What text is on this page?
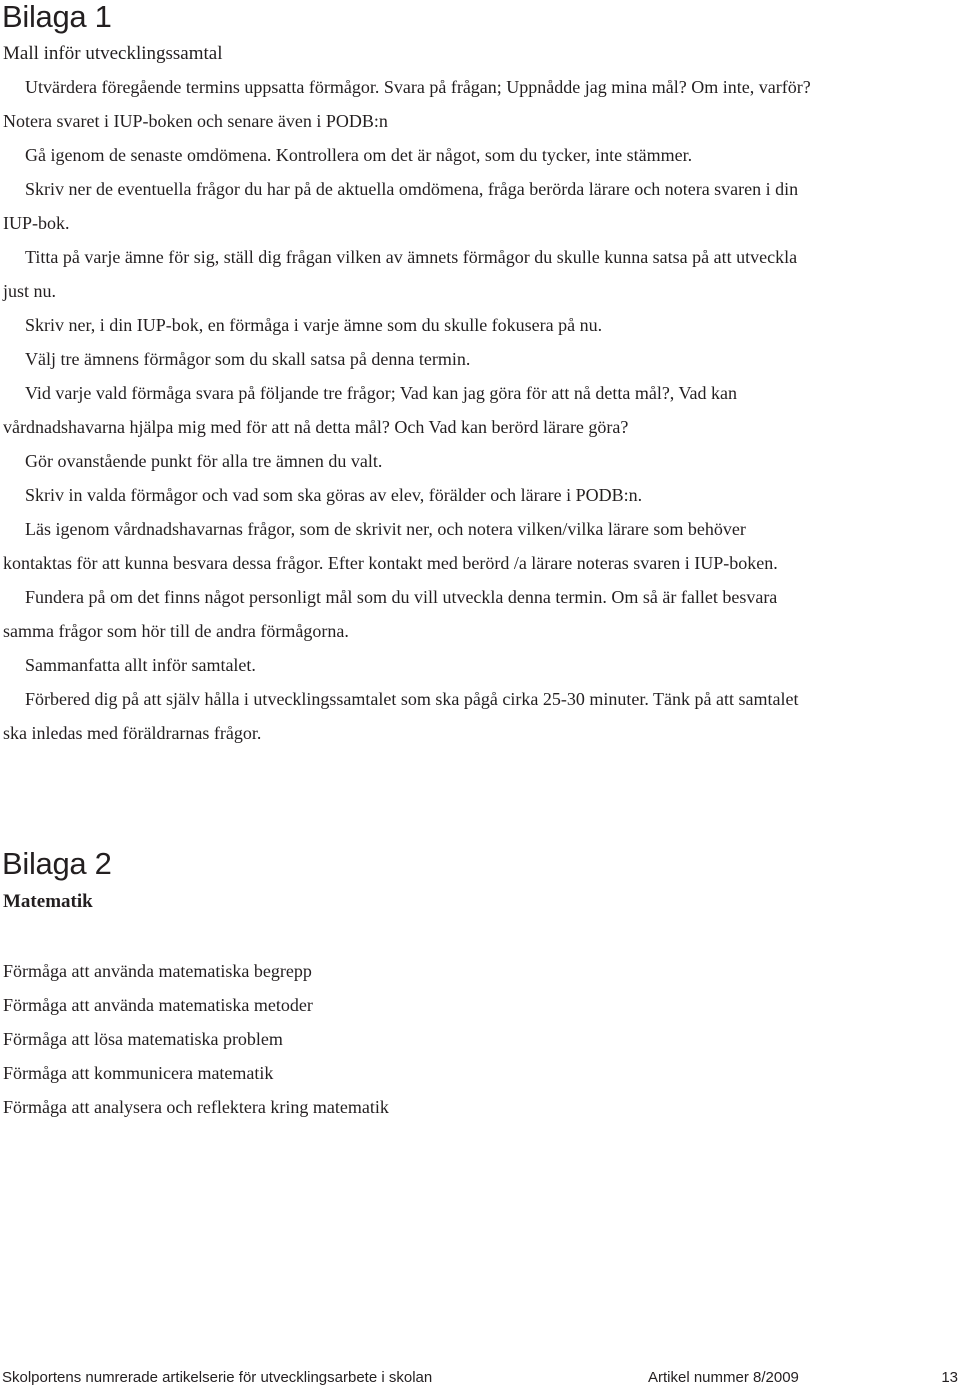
Bilaga 1
Mall inför utvecklingssamtal

Utvärdera föregående termins uppsatta förmågor. Svara på frågan; Uppnådde jag mina mål? Om inte, varför? Notera svaret i IUP-boken och senare även i PODB:n

Gå igenom de senaste omdömena. Kontrollera om det är något, som du tycker, inte stämmer.

Skriv ner de eventuella frågor du har på de aktuella omdömena, fråga berörda lärare och notera svaren i din IUP-bok.

Titta på varje ämne för sig, ställ dig frågan vilken av ämnets förmågor du skulle kunna satsa på att utveckla just nu.

Skriv ner, i din IUP-bok, en förmåga i varje ämne som du skulle fokusera på nu.

Välj tre ämnens förmågor som du skall satsa på denna termin.

Vid varje vald förmåga svara på följande tre frågor; Vad kan jag göra för att nå detta mål?, Vad kan vårdnadshavarna hjälpa mig med för att nå detta mål? Och Vad kan berörd lärare göra?

Gör ovanstående punkt för alla tre ämnen du valt.

Skriv in valda förmågor och vad som ska göras av elev, förälder och lärare i PODB:n.

Läs igenom vårdnadshavarnas frågor, som de skrivit ner, och notera vilken/vilka lärare som behöver kontaktas för att kunna besvara dessa frågor. Efter kontakt med berörd /a lärare noteras svaren i IUP-boken.

Fundera på om det finns något personligt mål som du vill utveckla denna termin. Om så är fallet besvara samma frågor som hör till de andra förmågorna.

Sammanfatta allt inför samtalet.

Förbered dig på att själv hålla i utvecklingssamtalet som ska pågå cirka 25-30 minuter. Tänk på att samtalet ska inledas med föräldrarnas frågor.

Bilaga 2
Matematik
Förmåga att använda matematiska begrepp
Förmåga att använda matematiska metoder
Förmåga att lösa matematiska problem
Förmåga att kommunicera matematik
Förmåga att analysera och reflektera kring matematik
Skolportens numrerade artikelserie för utvecklingsarbete i skolan	Artikel nummer 8/2009	13
